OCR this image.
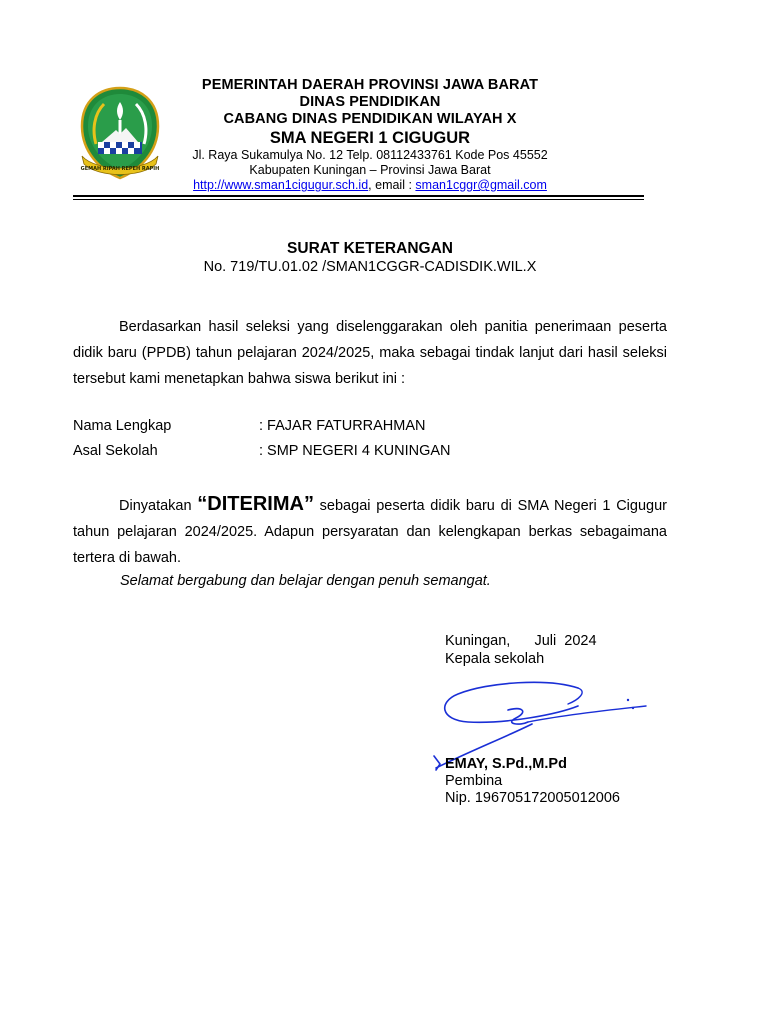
GEMAH RIPAH REPEH RAPIH
PEMERINTAH DAERAH PROVINSI JAWA BARAT
DINAS PENDIDIKAN
CABANG DINAS PENDIDIKAN WILAYAH X
SMA NEGERI 1 CIGUGUR
Jl. Raya Sukamulya No. 12 Telp. 08112433761 Kode Pos 45552
Kabupaten Kuningan – Provinsi Jawa Barat
http://www.sman1cigugur.sch.id, email : sman1cggr@gmail.com
SURAT KETERANGAN
No. 719/TU.01.02 /SMAN1CGGR-CADISDIK.WIL.X
Berdasarkan hasil seleksi yang diselenggarakan oleh panitia penerimaan peserta didik baru (PPDB) tahun pelajaran 2024/2025, maka sebagai tindak lanjut dari hasil seleksi tersebut kami menetapkan bahwa siswa berikut ini :
Nama Lengkap	: FAJAR FATURRAHMAN
Asal Sekolah	: SMP NEGERI 4 KUNINGAN
Dinyatakan “DITERIMA” sebagai peserta didik baru di SMA Negeri 1 Cigugur tahun pelajaran 2024/2025. Adapun persyaratan dan kelengkapan berkas sebagaimana tertera di bawah.
Selamat bergabung dan belajar dengan penuh semangat.
Kuningan,      Juli  2024
Kepala sekolah
EMAY, S.Pd.,M.Pd
Pembina
Nip. 196705172005012006
